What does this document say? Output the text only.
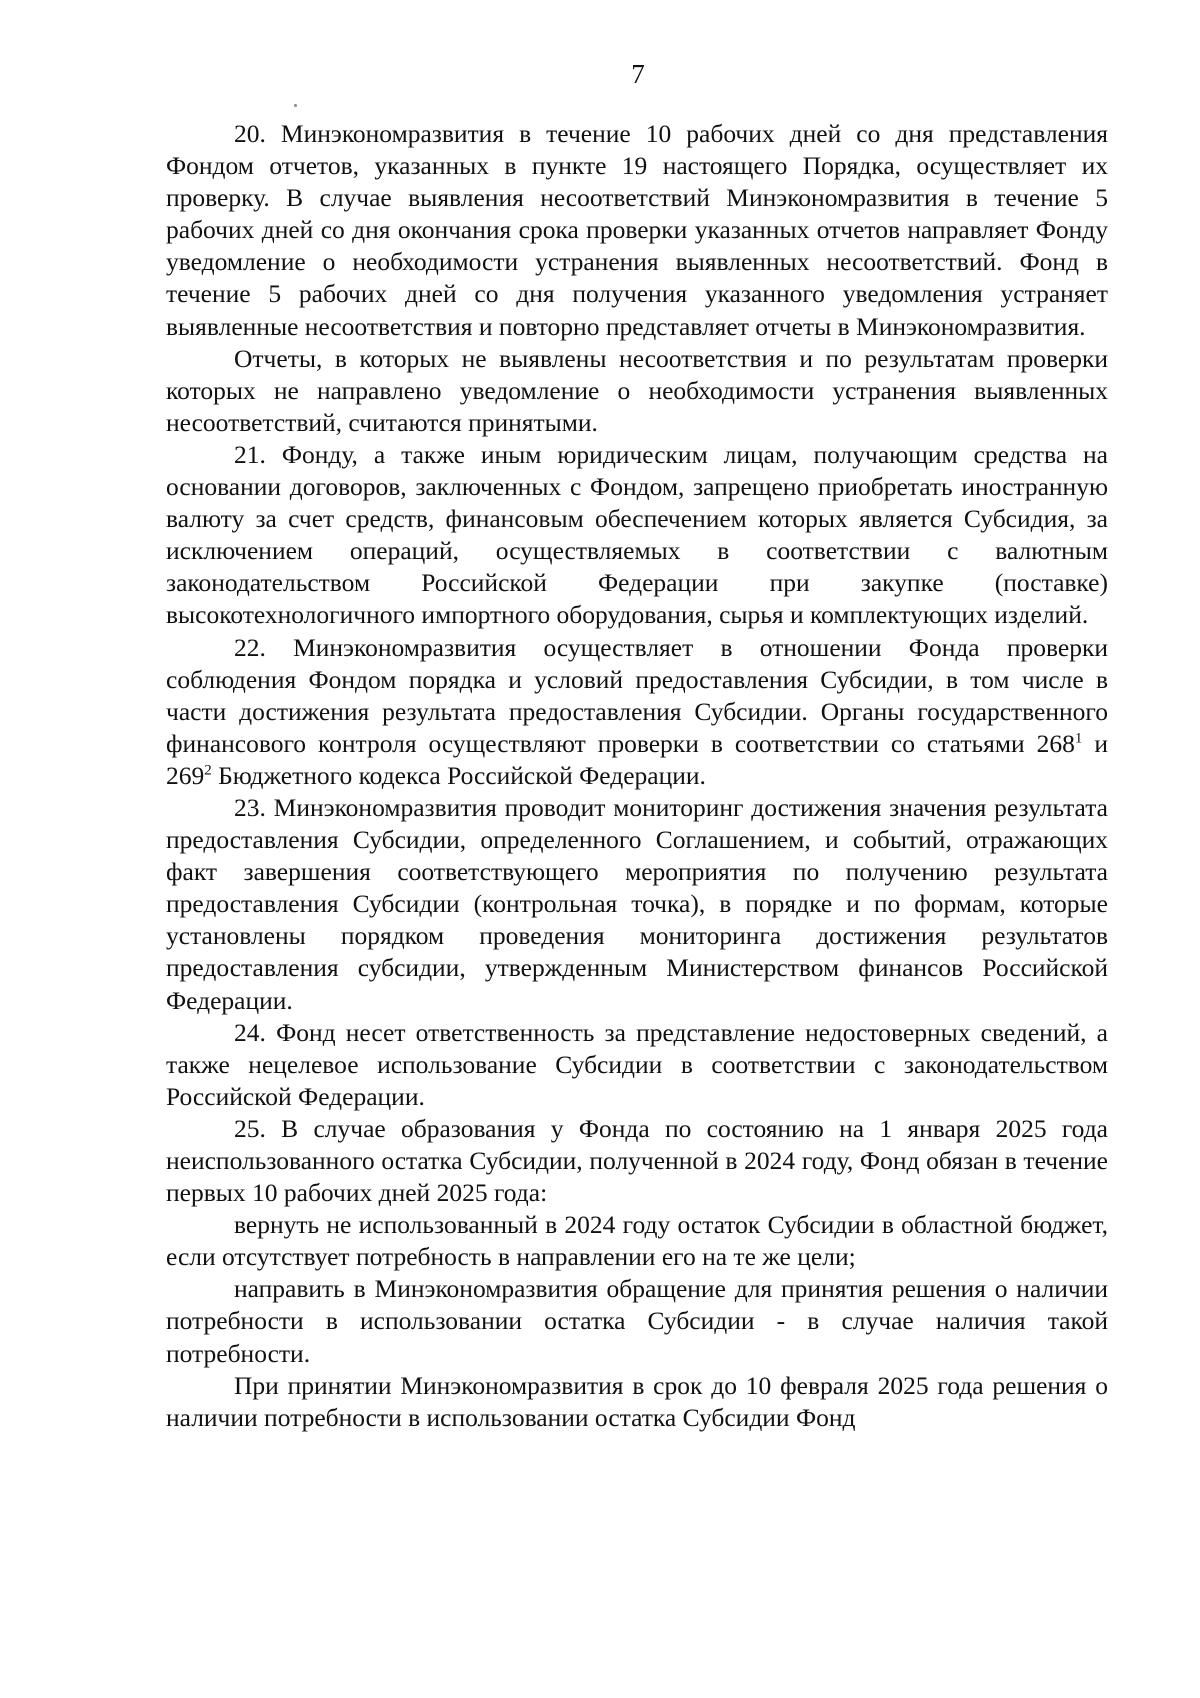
7

20. Минэкономразвития в течение 10 рабочих дней со дня представления Фондом отчетов, указанных в пункте 19 настоящего Порядка, осуществляет их проверку. В случае выявления несоответствий Минэкономразвития в течение 5 рабочих дней со дня окончания срока проверки указанных отчетов направляет Фонду уведомление о необходимости устранения выявленных несоответствий. Фонд в течение 5 рабочих дней со дня получения указанного уведомления устраняет выявленные несоответствия и повторно представляет отчеты в Минэкономразвития.

Отчеты, в которых не выявлены несоответствия и по результатам проверки которых не направлено уведомление о необходимости устранения выявленных несоответствий, считаются принятыми.

21. Фонду, а также иным юридическим лицам, получающим средства на основании договоров, заключенных с Фондом, запрещено приобретать иностранную валюту за счет средств, финансовым обеспечением которых является Субсидия, за исключением операций, осуществляемых в соответствии с валютным законодательством Российской Федерации при закупке (поставке) высокотехнологичного импортного оборудования, сырья и комплектующих изделий.

22. Минэкономразвития осуществляет в отношении Фонда проверки соблюдения Фондом порядка и условий предоставления Субсидии, в том числе в части достижения результата предоставления Субсидии. Органы государственного финансового контроля осуществляют проверки в соответствии со статьями $268^1$ и $269^2$ Бюджетного кодекса Российской Федерации.

23. Минэкономразвития проводит мониторинг достижения значения результата предоставления Субсидии, определенного Соглашением, и событий, отражающих факт завершения соответствующего мероприятия по получению результата предоставления Субсидии (контрольная точка), в порядке и по формам, которые установлены порядком проведения мониторинга достижения результатов предоставления субсидии, утвержденным Министерством финансов Российской Федерации.

24. Фонд несет ответственность за представление недостоверных сведений, а также нецелевое использование Субсидии в соответствии с законодательством Российской Федерации.

25. В случае образования у Фонда по состоянию на 1 января 2025 года неиспользованного остатка Субсидии, полученной в 2024 году, Фонд обязан в течение первых 10 рабочих дней 2025 года:

вернуть не использованный в 2024 году остаток Субсидии в областной бюджет, если отсутствует потребность в направлении его на те же цели;

направить в Минэкономразвития обращение для принятия решения о наличии потребности в использовании остатка Субсидии - в случае наличия такой потребности.

При принятии Минэкономразвития в срок до 10 февраля 2025 года решения о наличии потребности в использовании остатка Субсидии Фонд
